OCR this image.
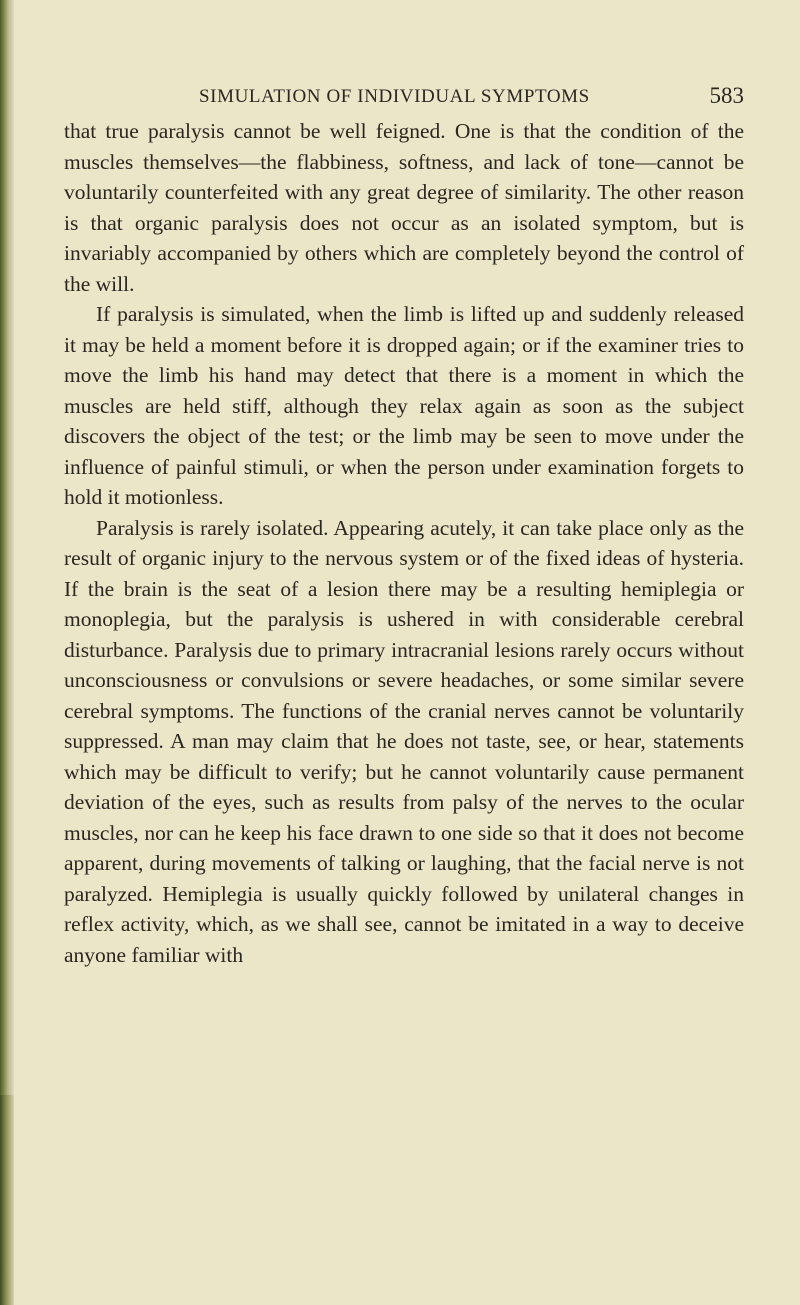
SIMULATION OF INDIVIDUAL SYMPTOMS	583

that true paralysis cannot be well feigned. One is that the condition of the muscles themselves—the flabbiness, softness, and lack of tone—cannot be voluntarily counterfeited with any great degree of similarity. The other reason is that organic paralysis does not occur as an isolated symptom, but is invariably accompanied by others which are completely beyond the control of the will.

If paralysis is simulated, when the limb is lifted up and suddenly released it may be held a moment before it is dropped again; or if the examiner tries to move the limb his hand may detect that there is a moment in which the muscles are held stiff, although they relax again as soon as the subject discovers the object of the test; or the limb may be seen to move under the influence of painful stimuli, or when the person under examination forgets to hold it motionless.

Paralysis is rarely isolated. Appearing acutely, it can take place only as the result of organic injury to the nervous system or of the fixed ideas of hysteria. If the brain is the seat of a lesion there may be a resulting hemiplegia or monoplegia, but the paralysis is ushered in with considerable cerebral disturbance. Paralysis due to primary intracranial lesions rarely occurs without unconsciousness or convulsions or severe headaches, or some similar severe cerebral symptoms. The functions of the cranial nerves cannot be voluntarily suppressed. A man may claim that he does not taste, see, or hear, statements which may be difficult to verify; but he cannot voluntarily cause permanent deviation of the eyes, such as results from palsy of the nerves to the ocular muscles, nor can he keep his face drawn to one side so that it does not become apparent, during movements of talking or laughing, that the facial nerve is not paralyzed. Hemiplegia is usually quickly followed by unilateral changes in reflex activity, which, as we shall see, cannot be imitated in a way to deceive anyone familiar with
